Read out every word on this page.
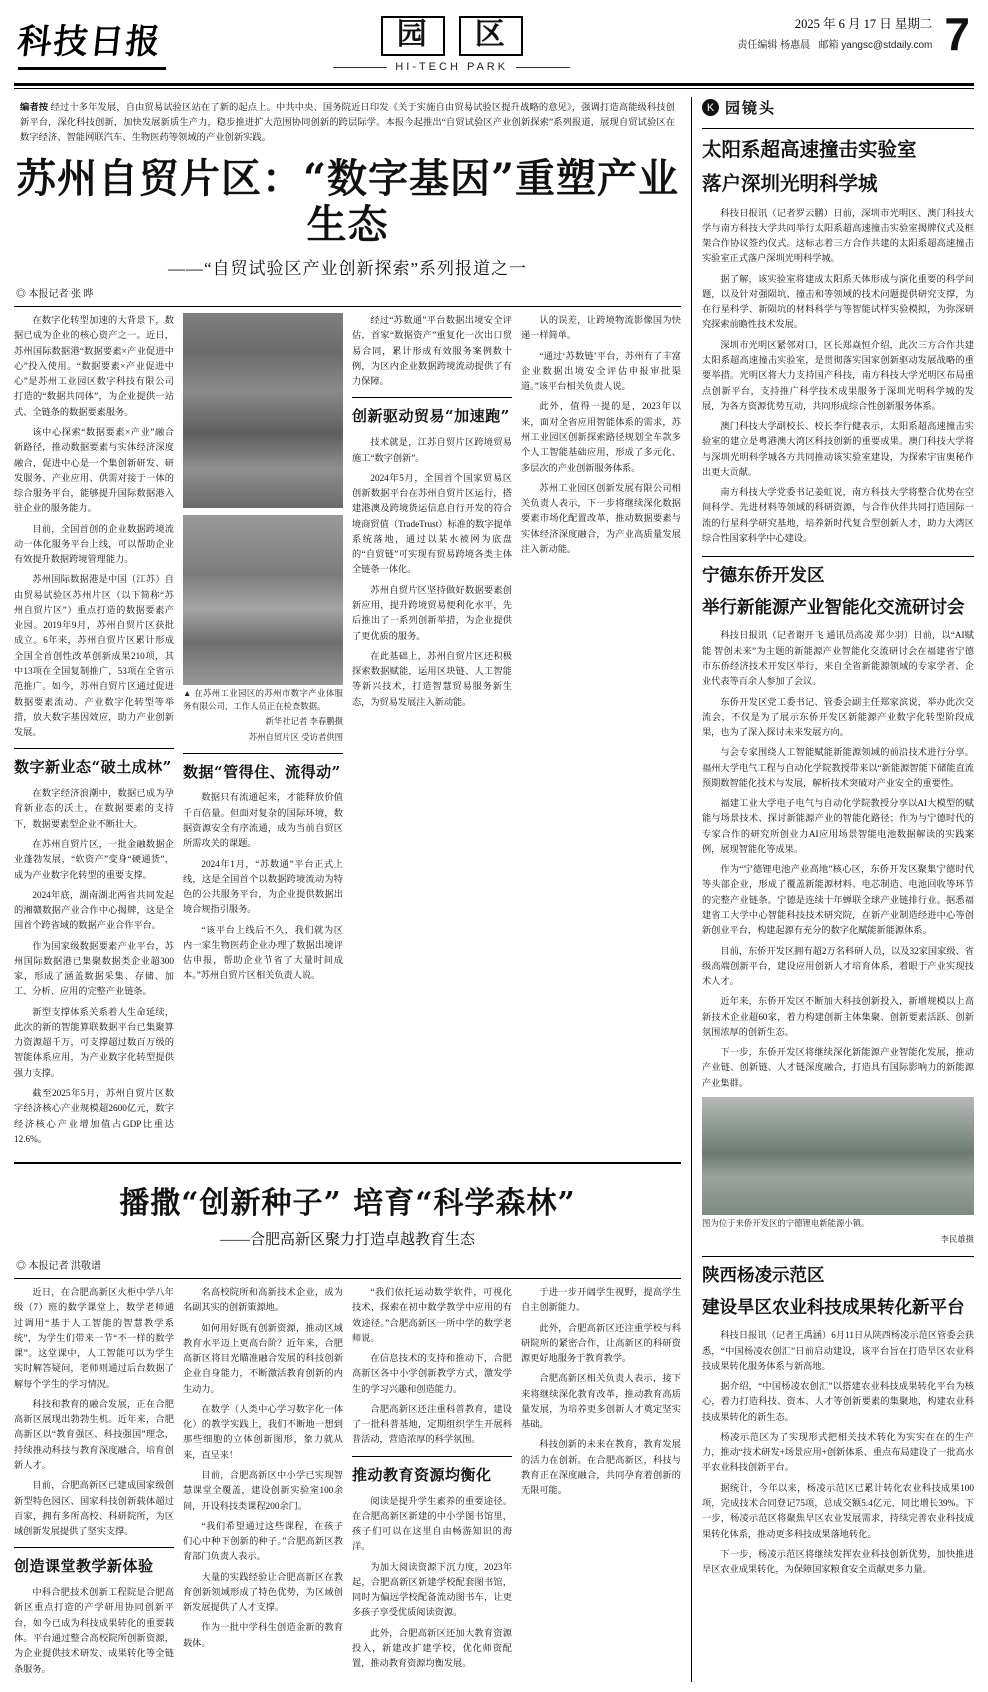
科技日报	园	区
HI-TECH PARK
2025 年 6 月 17 日 星期二
责任编辑 杨惠晨 邮箱 yangsc@stdaily.com 7
编者按 经过十多年发展，自由贸易试验区站在了新的起点上。中共中央、国务院近日印发《关于实施自由贸易试验区提升战略的意见》，强调打造高能级科技创新平台，深化科技创新，加快发展新质生产力，稳步推进扩大范围协同创新的跨层际学。本报今起推出“自贸试验区产业创新探索”系列报道，展现自贸试验区在数字经济、智能网联汽车、生物医药等领域的产业创新实践。
苏州自贸片区：“数字基因”重塑产业生态
——“自贸试验区产业创新探索”系列报道之一
◎ 本报记者 张 晔

在数字化转型加速的大背景下，数据已成为企业的核心资产之一。近日，苏州国际数据港“数据要素×产业促进中心”投入使用。“数据要素×产业促进中心”是苏州工业园区数字科技有限公司打造的“数据共同体”，为企业提供一站式、全链条的数据要素服务。

该中心探索“数据要素×产业”融合新路径，推动数据要素与实体经济深度融合，促进中心是一个集创新研发、研发服务、产业应用、供需对接于一体的综合服务平台，能够提升国际数据港入驻企业的服务能力。

目前，全国首创的企业数据跨境流动一体化服务平台上线，可以帮助企业有效提升数据跨境管理能力。

苏州国际数据港是中国（江苏）自由贸易试验区苏州片区（以下简称“苏州自贸片区”）重点打造的数据要素产业园。2019年9月，苏州自贸片区获批成立。6年来，苏州自贸片区累计形成全国全首创性改革创新成果210项，其中13项在全国复制推广，53项在全省示范推广。如今，苏州自贸片区通过促进数据要素流动、产业数字化转型等举措，放大数字基因效应，助力产业创新发展。

数字新业态“破土成林”

在数字经济浪潮中，数据已成为孕育新业态的沃土，在数据要素的支持下，数据要素型企业不断壮大。

在苏州自贸片区，一批金融数据企业蓬勃发展，“软资产”变身“硬通货”，成为产业数字化转型的重要支撑。

2024年底，湖南湖北两省共同发起的湘赣数据产业合作中心揭牌，这是全国首个跨省域的数据产业合作平台。

作为国家级数据要素产业平台，苏州国际数据港已集聚数据类企业超300家，形成了涵盖数据采集、存储、加工、分析、应用的完整产业链条。

新型支撑体系关系着人生命延续，此次的新的智能算联数据平台已集聚算力资源超千万，可支撑超过数百万级的智能体系应用，为产业数字化转型提供强力支撑。

截至2025年5月，苏州自贸片区数字经济核心产业规模超2600亿元，数字经济核心产业增加值占GDP比重达12.6%。

▲ 在苏州工业园区的苏州市数字产业体服务有限公司，工作人员正在检查数据。
新华社记者 李春鹏摄
苏州自贸片区 受访者供图
数据“管得住、流得动”

数据只有流通起来，才能释放价值千百倍量。但面对复杂的国际环境，数据资源安全有序流通，成为当前自贸区所需攻关的课题。

2024年1月，“苏数通”平台正式上线，这是全国首个以数据跨境流动为特色的公共服务平台，为企业提供数据出境合规指引服务。

“该平台上线后不久，我们就为区内一家生物医药企业办理了数据出境评估申报，帮助企业节省了大量时间成本。”苏州自贸片区相关负责人说。

经过“苏数通”平台数据出境安全评估，首家“数据资产”重复化一次出口贸易合同，累计形成有效服务案例数十例，为区内企业数据跨境流动提供了有力保障。

创新驱动贸易“加速跑”

技术就是，江苏自贸片区跨境贸易施工“数字创新”。

2024年5月，全国首个国家贸易区创新数据平台在苏州自贸片区运行，搭建港澳及跨境货运信息自行开发的符合境商贸值（TradeTrust）标准的数字提单系统落地，通过以某水被网为底盘的“自贸链”可实现有贸易跨境各类主体全链条一体化。

苏州自贸片区坚持做好数据要素创新应用，提升跨境贸易便利化水平，先后推出了一系列创新举措，为企业提供了更优质的服务。

在此基础上，苏州自贸片区还积极探索数据赋能，运用区块链、人工智能等新兴技术，打造智慧贸易服务新生态，为贸易发展注入新动能。

认的误差，让跨境物流影像国为快递一样简单。

“通过‘苏数链’平台，苏州有了丰富企业数据出境安全评估申报审批渠道。”该平台相关负责人说。

此外，值得一提的是，2023年以来，面对全省应用智能体系的需求，苏州工业园区创新探索路径规划全车款多个人工智能基础应用，形成了多元化、多层次的产业创新服务体系。

苏州工业园区创新发展有限公司相关负责人表示，下一步将继续深化数据要素市场化配置改革，推动数据要素与实体经济深度融合，为产业高质量发展注入新动能。

播撒“创新种子” 培育“科学森林”
——合肥高新区聚力打造卓越教育生态
◎ 本报记者 洪敬谱

近日，在合肥高新区火柜中学八年级（7）班的数学课堂上，数学老师通过调用“基于人工智能的智慧教学系统”，为学生们带来一节“不一样的数学课”。这堂课中，人工智能可以为学生实时解答疑问，老师则通过后台数据了解每个学生的学习情况。

科技和教育的融合发展，正在合肥高新区展现出勃勃生机。近年来，合肥高新区以“教育强区、科技强国”理念，持续推动科技与教育深度融合，培育创新人才。

目前，合肥高新区已建成国家级创新型特色园区、国家科技创新载体超过百家，拥有多所高校、科研院所，为区域创新发展提供了坚实支撑。

创造课堂教学新体验

中科合肥技术创新工程院是合肥高新区重点打造的产学研用协同创新平台，如今已成为科技成果转化的重要载体。平台通过整合高校院所创新资源，为企业提供技术研发、成果转化等全链条服务。

名高校院所和高新技术企业，成为名副其实的创新策源地。

如何用好既有创新资源，推动区域教育水平迈上更高台阶？近年来，合肥高新区将目光瞄准融合发展的科技创新企业自身能力，不断激活教育创新的内生动力。

在数学（人类中心学习数字化一体化）的教学实践上，我们不断地一想到那些细胞的立体创新图形，象力就从来，直呈来！

目前，合肥高新区中小学已实现智慧课堂全覆盖，建设创新实验室100余间，开设科技类课程200余门。

“我们希望通过这些课程，在孩子们心中种下创新的种子。”合肥高新区教育部门负责人表示。

大量的实践经验让合肥高新区在教育创新领域形成了特色优势，为区域创新发展提供了人才支撑。

作为一批中学科生创造金新的教育载体。

“我们依托运动数学软件，可视化技术，探索在初中数学教学中应用的有效途径。”合肥高新区一所中学的数学老师说。

在信息技术的支持和推动下，合肥高新区各中小学创新教学方式，激发学生的学习兴趣和创造能力。

合肥高新区还注重科普教育，建设了一批科普基地，定期组织学生开展科普活动，营造浓厚的科学氛围。

推动教育资源均衡化

阅读是提升学生素养的重要途径。在合肥高新区新建的中小学图书馆里，孩子们可以在这里自由畅游知识的海洋。

为加大阅读资源下沉力度，2023年起，合肥高新区新建学校配套图书馆，同时为偏远学校配备流动图书车，让更多孩子享受优质阅读资源。

此外，合肥高新区还加大教育资源投入，新建改扩建学校，优化师资配置，推动教育资源均衡发展。

于进一步开阔学生视野，提高学生自主创新能力。

此外，合肥高新区还注重学校与科研院所的紧密合作，让高新区的科研资源更好地服务于教育教学。

合肥高新区相关负责人表示，接下来将继续深化教育改革，推动教育高质量发展，为培养更多创新人才奠定坚实基础。

科技创新的未来在教育，教育发展的活力在创新。在合肥高新区，科技与教育正在深度融合，共同孕育着创新的无限可能。

K 园镜头
太阳系超高速撞击实验室
落户深圳光明科学城

科技日报讯（记者罗云鹏）日前，深圳市光明区、澳门科技大学与南方科技大学共同举行太阳系超高速撞击实验室揭牌仪式及框架合作协议签约仪式。这标志着三方合作共建的太阳系超高速撞击实验室正式落户深圳光明科学城。

据了解，该实验室将建成太阳系天体形成与演化重要的科学问题，以及针对强陨坑、撞击和等领域的技术问题提供研究支撑，为在行星科学、新陨坑的材料科学与等智能试样实验模拟，为弥深研究探索前瞻性技术发展。

深圳市光明区紧邻对口，区长郑焱恒介绍，此次三方合作共建太阳系超高速撞击实验室，是贯彻落实国家创新驱动发展战略的重要举措。光明区将大力支持国产科技，南方科技大学光明区布局重点创新平台，支持推广科学技术成果服务于深圳光明科学城的发展，为各方资源优势互动，共同形成综合性创新服务体系。

澳门科技大学副校长、校长李行健表示，太阳系超高速撞击实验室的建立是粤港澳大湾区科技创新的重要成果。澳门科技大学将与深圳光明科学城各方共同推动该实验室建设，为探索宇宙奥秘作出更大贡献。

南方科技大学党委书记姜虹说，南方科技大学将整合优势在空间科学、先进材料等领域的科研资源，与合作伙伴共同打造国际一流的行星科学研究基地，培养新时代复合型创新人才，助力大湾区综合性国家科学中心建设。

宁德东侨开发区
举行新能源产业智能化交流研讨会

科技日报讯（记者谢开飞 通讯员高凌 郑少羽）日前，以“AI赋能 智创未来”为主题的新能源产业智能化交流研讨会在福建省宁德市东侨经济技术开发区举行，来自全省新能源领域的专家学者、企业代表等百余人参加了会议。

东侨开发区党工委书记、管委会副主任郑家滨说，举办此次交流会，不仅是为了展示东侨开发区新能源产业数字化转型阶段成果，也为了深入探讨未来发展方向。

与会专家围绕人工智能赋能新能源领域的前沿技术进行分享。福州大学电气工程与自动化学院教授带来以“新能源智能下储能直流预期数智能化技术与发展，解析技术突破对产业安全的重要性。

福建工业大学电子电气与自动化学院教授分享以AI大模型的赋能与场景技术、探讨新能源产业的智能化路径；作为与宁德时代的专家合作的研究所创业力AI应用场景智能电池数据解读的实践案例，展现智能化等成果。

作为“宁德锂电池产业高地”核心区，东侨开发区聚集宁德时代等头部企业，形成了覆盖新能源材料、电芯制造、电池回收等环节的完整产业链条。宁德是连续十年蝉联全球产业链排行业。据悉福建省工大学中心智能科技技术研究院，在新产业制造经进中心等创新创业平台，构建起源有充分的数字化赋能新能源体系。

目前，东侨开发区拥有超2万名科研人员，以及32家国家级、省级高端创新平台，建设应用创新人才培育体系，着眼于产业实现技术人才。

近年来，东侨开发区不断加大科技创新投入，新增规模以上高新技术企业超60家，着力构建创新主体集聚、创新要素活跃、创新氛围浓厚的创新生态。

下一步，东侨开发区将继续深化新能源产业智能化发展，推动产业链、创新链、人才链深度融合，打造具有国际影响力的新能源产业集群。

图为位于来侨开发区的宁德锂电新能源小镇。
李民雄摄
陕西杨凌示范区
建设旱区农业科技成果转化新平台

科技日报讯（记者王禹涵）6月11日从陕西杨凌示范区管委会获悉，“中国杨凌农创汇”日前启动建设，该平台旨在打造旱区农业科技成果转化服务体系与新高地。

据介绍，“中国杨凌农创汇”以搭建农业科技成果转化平台为核心，着力打造科技、资本、人才等创新要素的集聚地，构建农业科技成果转化的新生态。

杨凌示范区为了实现形式把相关技术转化为实实在在的生产力，推动“技术研发+场景应用+创新体系、重点布局建设了一批高水平农业科技创新平台。

据统计，今年以来，杨凌示范区已累计转化农业科技成果100项，完成技术合同登记75项，总成交额5.4亿元，同比增长39%。下一步，杨凌示范区将聚焦旱区农业发展需求，持续完善农业科技成果转化体系，推动更多科技成果落地转化。

下一步，杨凌示范区将继续发挥农业科技创新优势，加快推进旱区农业成果转化，为保障国家粮食安全贡献更多力量。
